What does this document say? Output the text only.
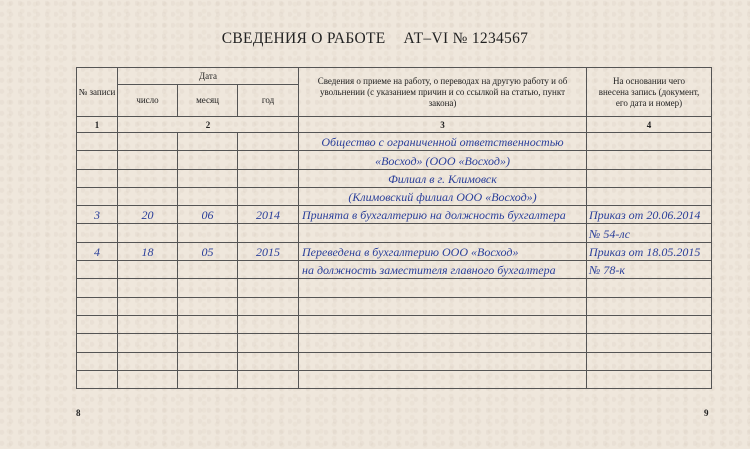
СВЕДЕНИЯ О РАБОТЕ АТ–VI № 1234567
№ записи	Дата			Сведения о приеме на работу, о переводах на другую работу и об увольнении (с указанием причин и со ссылкой на статью, пункт закона)	На основании чего внесена запись (документ, его дата и номер)
	число	месяц	год		
1	2			3	4
				Общество с ограниченной ответственностью	
				«Восход» (ООО «Восход»)	
				Филиал в г. Климовск	
				(Климовский филиал ООО «Восход»)	
3	20	06	2014	Принята в бухгалтерию на должность бухгалтера	Приказ от 20.06.2014
					№ 54-лс
4	18	05	2015	Переведена в бухгалтерию ООО «Восход»	Приказ от 18.05.2015
				на должность заместителя главного бухгалтера	№ 78-к

8	9
